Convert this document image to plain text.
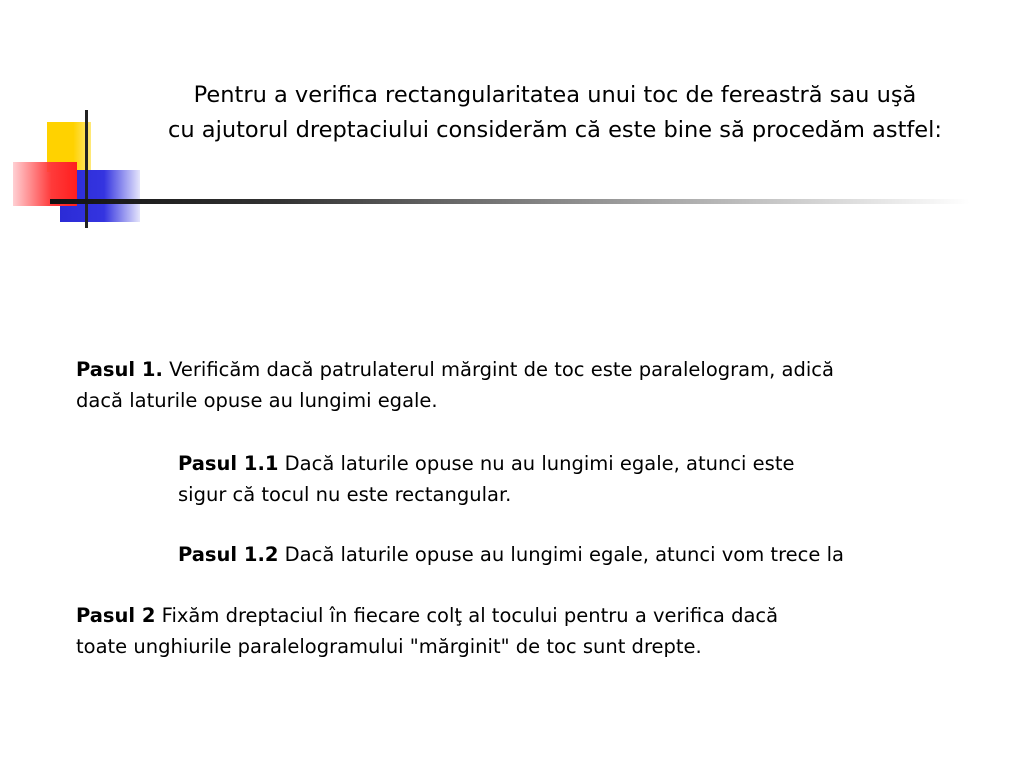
Pentru a verifica rectangularitatea unui toc de fereastră sau uşă
cu ajutorul dreptaciului considerăm că este bine să procedăm astfel:
Pasul 1. Verificăm dacă patrulaterul mărgint de toc este paralelogram, adică
dacă laturile opuse au lungimi egale.
Pasul 1.1 Dacă laturile opuse nu au lungimi egale, atunci este
sigur că tocul nu este rectangular.
Pasul 1.2 Dacă laturile opuse au lungimi egale, atunci vom trece la
Pasul 2 Fixăm dreptaciul în fiecare colţ al tocului pentru a verifica dacă
toate unghiurile paralelogramului "mărginit" de toc sunt drepte.
